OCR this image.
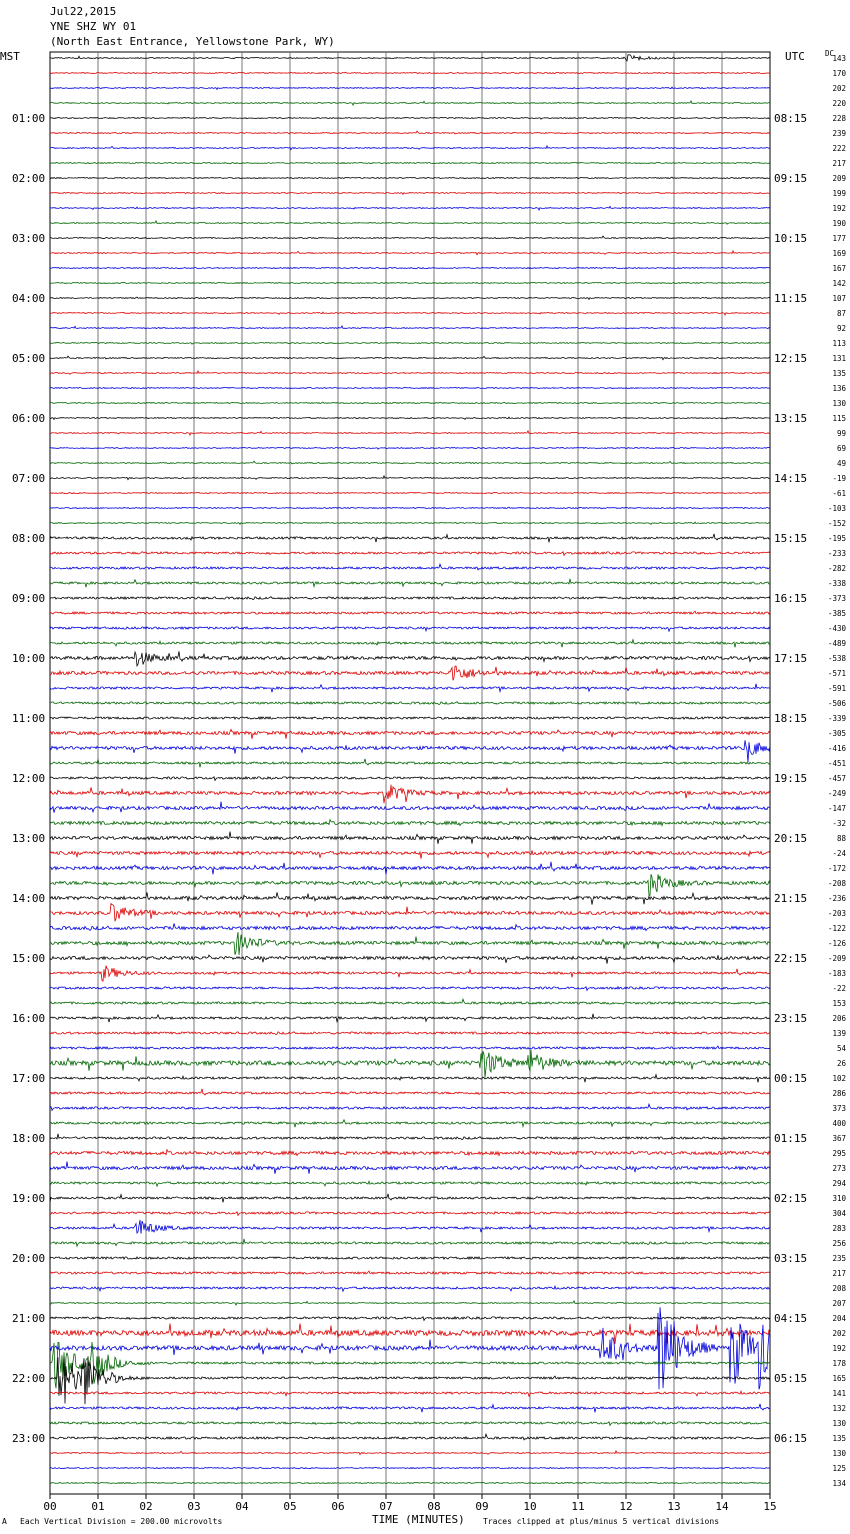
Jul22,2015
YNE SHZ WY 01
(North East Entrance, Yellowstone Park, WY)
MST	UTC	DC
01:00
02:00
03:00
04:00
05:00
06:00
07:00
08:00
09:00
10:00
11:00
12:00
13:00
14:00
15:00
16:00
17:00
18:00
19:00
20:00
21:00
22:00
23:00
08:15
09:15
10:15
11:15
12:15
13:15
14:15
15:15
16:15
17:15
18:15
19:15
20:15
21:15
22:15
23:15
00:15
01:15
02:15
03:15
04:15
05:15
06:15
143
170
202
220
228
239
222
217
209
199
192
190
177
169
167
142
107
87
92
113
131
135
136
130
115
99
69
49
-19
-61
-103
-152
-195
-233
-282
-338
-373
-385
-430
-489
-538
-571
-591
-506
-339
-305
-416
-451
-457
-249
-147
-32
88
-24
-172
-208
-236
-203
-122
-126
-209
-183
-22
153
206
139
54
26
102
286
373
400
367
295
273
294
310
304
283
256
235
217
208
207
204
202
192
178
165
141
132
130
135
130
125
134
00	01	02	03	04	05	06	07	08	09	10	11	12	13	14	15
TIME (MINUTES)
A Each Vertical Division = 200.00 microvolts	Traces clipped at plus/minus 5 vertical divisions
